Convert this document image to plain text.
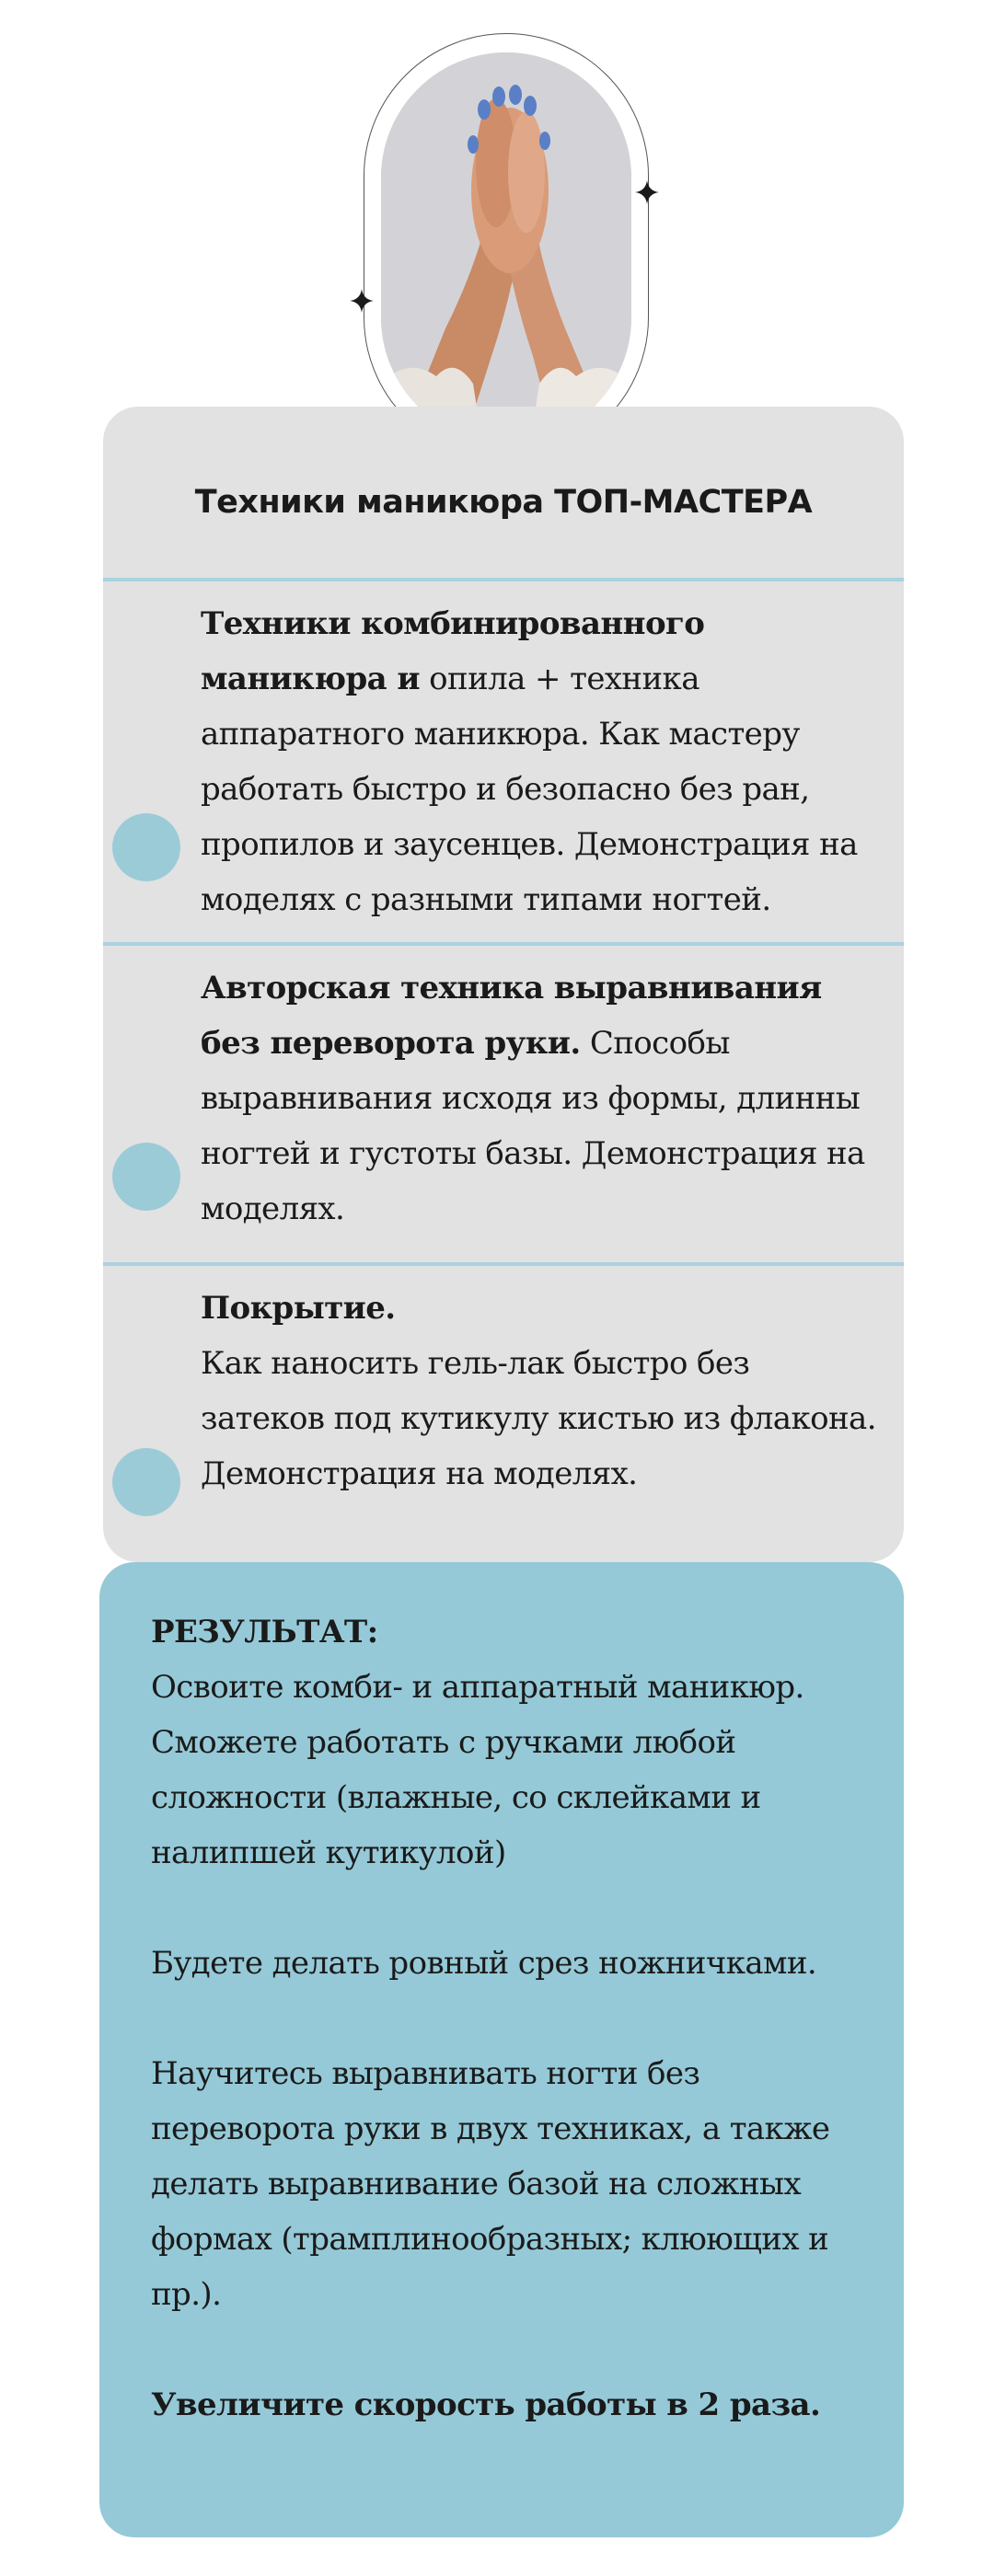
Техники маникюра ТОП-МАСТЕРА
Техники комбинированного маникюра и опила + техника аппаратного маникюра. Как мастеру работать быстро и безопасно без ран, пропилов и заусенцев. Демонстрация на моделях с разными типами ногтей.
Авторская техника выравнивания без переворота руки. Способы выравнивания исходя из формы, длинны ногтей и густоты базы. Демонстрация на моделях.
Покрытие.
Как наносить гель-лак быстро без затеков под кутикулу кистью из флакона. Демонстрация на моделях.

РЕЗУЛЬТАТ:

Освоите комби- и аппаратный маникюр. Сможете работать с ручками любой сложности (влажные, со склейками и налипшей кутикулой)

Будете делать ровный срез ножничками.

Научитесь выравнивать ногти без переворота руки в двух техниках, а также делать выравнивание базой на сложных формах (трамплинообразных; клюющих и пр.).

Увеличите скорость работы в 2 раза.
